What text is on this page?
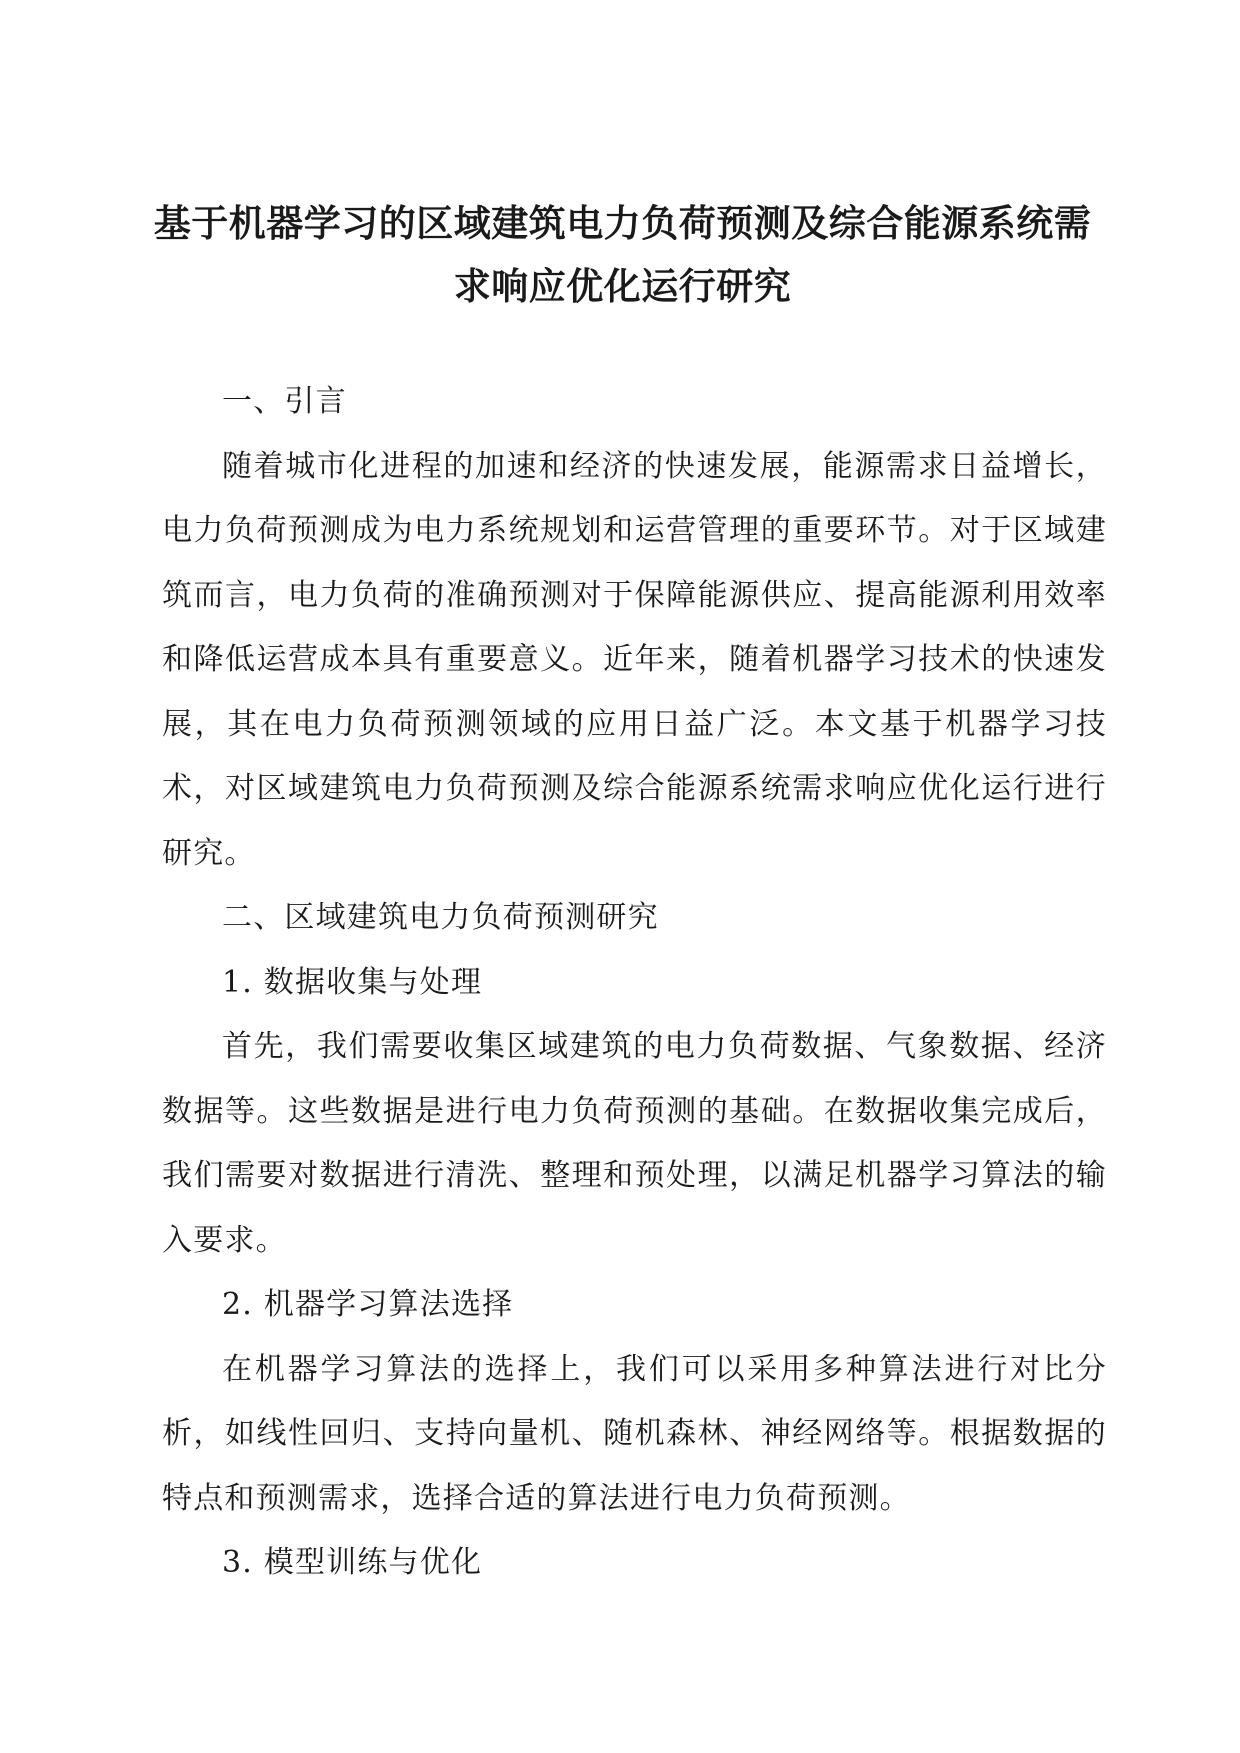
基于机器学习的区域建筑电力负荷预测及综合能源系统需
求响应优化运行研究

一、引言

随着城市化进程的加速和经济的快速发展，能源需求日益增长，电力负荷预测成为电力系统规划和运营管理的重要环节。对于区域建筑而言，电力负荷的准确预测对于保障能源供应、提高能源利用效率和降低运营成本具有重要意义。近年来，随着机器学习技术的快速发展，其在电力负荷预测领域的应用日益广泛。本文基于机器学习技术，对区域建筑电力负荷预测及综合能源系统需求响应优化运行进行研究。

二、区域建筑电力负荷预测研究

1. 数据收集与处理

首先，我们需要收集区域建筑的电力负荷数据、气象数据、经济数据等。这些数据是进行电力负荷预测的基础。在数据收集完成后，我们需要对数据进行清洗、整理和预处理，以满足机器学习算法的输入要求。

2. 机器学习算法选择

在机器学习算法的选择上，我们可以采用多种算法进行对比分析，如线性回归、支持向量机、随机森林、神经网络等。根据数据的特点和预测需求，选择合适的算法进行电力负荷预测。

3. 模型训练与优化
